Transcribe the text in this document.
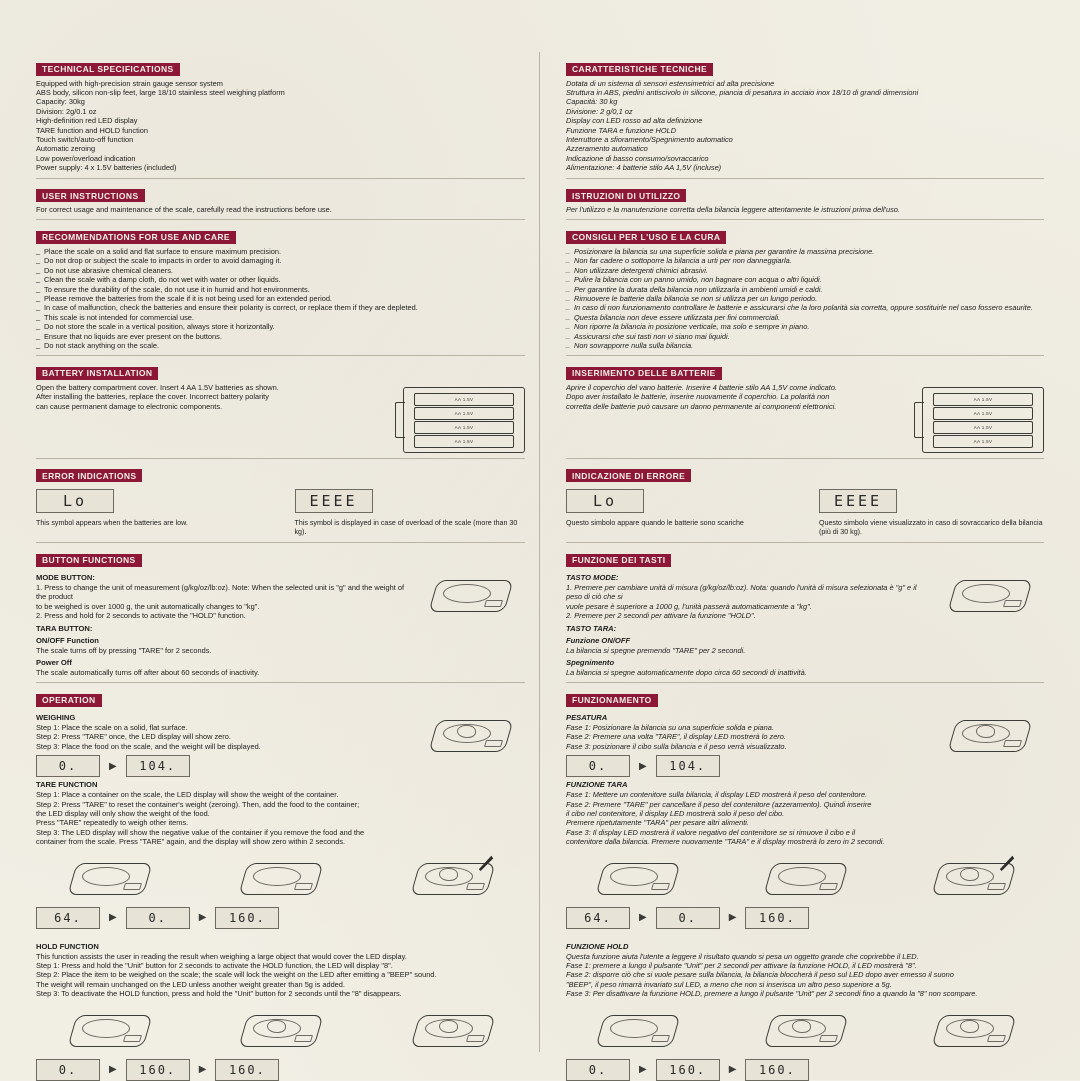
TECHNICAL SPECIFICATIONS
Equipped with high-precision strain gauge sensor system
ABS body, silicon non-slip feet, large 18/10 stainless steel weighing platform
Capacity: 30kg
Division: 2g/0.1 oz
High-definition red LED display
TARE function and HOLD function
Touch switch/auto-off function
Automatic zeroing
Low power/overload indication
Power supply: 4 x 1.5V batteries (included)
USER INSTRUCTIONS
For correct usage and maintenance of the scale, carefully read the instructions before use.
RECOMMENDATIONS FOR USE AND CARE
_ Place the scale on a solid and flat surface to ensure maximum precision.
_ Do not drop or subject the scale to impacts in order to avoid damaging it.
_ Do not use abrasive chemical cleaners.
_ Clean the scale with a damp cloth, do not wet with water or other liquids.
_ To ensure the durability of the scale, do not use it in humid and hot environments.
_ Please remove the batteries from the scale if it is not being used for an extended period.
_ In case of malfunction, check the batteries and ensure their polarity is correct, or replace them if they are depleted.
_ This scale is not intended for commercial use.
_ Do not store the scale in a vertical position, always store it horizontally.
_ Ensure that no liquids are ever present on the buttons.
_ Do not stack anything on the scale.
BATTERY INSTALLATION
Open the battery compartment cover. Insert 4 AA 1.5V batteries as shown.
After installing the batteries, replace the cover. Incorrect battery polarity
can cause permanent damage to electronic components.
AA 1.5V
AA 1.5V
AA 1.5V
AA 1.5V
ERROR INDICATIONS
Lo
This symbol appears when the batteries are low.
EEEE
This symbol is displayed in case of overload of the scale (more than 30 kg).
BUTTON FUNCTIONS
MODE BUTTON:
1. Press to change the unit of measurement (g/kg/oz/lb:oz). Note: When the selected unit is "g" and the weight of the product
to be weighed is over 1000 g, the unit automatically changes to "kg".
2. Press and hold for 2 seconds to activate the "HOLD" function.
TARA BUTTON:
ON/OFF Function
The scale turns off by pressing "TARE" for 2 seconds.
Power Off
The scale automatically turns off after about 60 seconds of inactivity.
OPERATION
WEIGHING
Step 1: Place the scale on a solid, flat surface.
Step 2: Press "TARE" once, the LED display will show zero.
Step 3: Place the food on the scale, and the weight will be displayed.
0.	▶	104.
TARE FUNCTION
Step 1: Place a container on the scale, the LED display will show the weight of the container.
Step 2: Press "TARE" to reset the container's weight (zeroing). Then, add the food to the container;
the LED display will only show the weight of the food.
Press "TARE" repeatedly to weigh other items.
Step 3: The LED display will show the negative value of the container if you remove the food and the
container from the scale. Press "TARE" again, and the display will show zero within 2 seconds.
64.	▶	0.	▶	160.
HOLD FUNCTION
This function assists the user in reading the result when weighing a large object that would cover the LED display.
Step 1: Press and hold the "Unit" button for 2 seconds to activate the HOLD function, the LED will display "8".
Step 2: Place the item to be weighed on the scale; the scale will lock the weight on the LED after emitting a "BEEP" sound.
The weight will remain unchanged on the LED unless another weight greater than 5g is added.
Step 3: To deactivate the HOLD function, press and hold the "Unit" button for 2 seconds until the "8" disappears.
0.	▶	160.	▶	160.
CARATTERISTICHE TECNICHE
Dotata di un sistema di sensori estensimetrici ad alta precisione
Struttura in ABS, piedini antiscivolo in silicone, piancia di pesatura in acciaio inox 18/10 di grandi dimensioni
Capacità: 30 kg
Divisione: 2 g/0,1 oz
Display con LED rosso ad alta definizione
Funzione TARA e funzione HOLD
Interruttore a sfioramento/Spegnimento automatico
Azzeramento automatico
Indicazione di basso consumo/sovraccarico
Alimentazione: 4 batterie stilo AA 1,5V (incluse)
ISTRUZIONI DI UTILIZZO
Per l'utilizzo e la manutenzione corretta della bilancia leggere attentamente le istruzioni prima dell'uso.
CONSIGLI PER L'USO E LA CURA
_ Posizionare la bilancia su una superficie solida e piana per garantire la massima precisione.
_ Non far cadere o sottoporre la bilancia a urti per non danneggiarla.
_ Non utilizzare detergenti chimici abrasivi.
_ Pulire la bilancia con un panno umido, non bagnare con acqua o altri liquidi.
_ Per garantire la durata della bilancia non utilizzarla in ambienti umidi e caldi.
_ Rimuovere le batterie dalla bilancia se non si utilizza per un lungo periodo.
_ In caso di non funzionamento controllare le batterie e assicurarsi che la loro polarità sia corretta, oppure sostituirle nel caso fossero esaurite.
_ Questa bilancia non deve essere utilizzata per fini commerciali.
_ Non riporre la bilancia in posizione verticale, ma solo e sempre in piano.
_ Assicurarsi che sui tasti non vi siano mai liquidi.
_ Non sovrapporre nulla sulla bilancia.
INSERIMENTO DELLE BATTERIE
Aprire il coperchio del vano batterie. Inserire 4 batterie stilo AA 1,5V come indicato.
Dopo aver installato le batterie, inserire nuovamente il coperchio. La polarità non
corretta delle batterie può causare un danno permanente ai componenti elettronici.
AA 1.5V
AA 1.5V
AA 1.5V
AA 1.5V
INDICAZIONE DI ERRORE
Lo
Questo simbolo appare quando le batterie sono scariche
EEEE
Questo simbolo viene visualizzato in caso di sovraccarico della bilancia (più di 30 kg).
FUNZIONE DEI TASTI
TASTO MODE:
1. Premere per cambiare unità di misura (g/kg/oz/lb:oz). Nota: quando l'unità di misura selezionata è "g" e il peso di ciò che si
vuole pesare è superiore a 1000 g, l'unità passerà automaticamente a "kg".
2. Premere per 2 secondi per attivare la funzione "HOLD".
TASTO TARA:
Funzione ON/OFF
La bilancia si spegne premendo "TARE" per 2 secondi.
Spegnimento
La bilancia si spegne automaticamente dopo circa 60 secondi di inattività.
FUNZIONAMENTO
PESATURA
Fase 1: Posizionare la bilancia su una superficie solida e piana.
Fase 2: Premere una volta "TARE", il display LED mostrerà lo zero.
Fase 3: posizionare il cibo sulla bilancia e il peso verrà visualizzato.
0.	▶	104.
FUNZIONE TARA
Fase 1: Mettere un contenitore sulla bilancia, il display LED mostrerà il peso del contenitore.
Fase 2: Premere "TARE" per cancellare il peso del contenitore (azzeramento). Quindi inserire
il cibo nel contenitore, il display LED mostrerà solo il peso del cibo.
Premere ripetutamente "TARA" per pesare altri alimenti.
Fase 3: Il display LED mostrerà il valore negativo del contenitore se si rimuove il cibo e il
contenitore dalla bilancia. Premere nuovamente "TARA" e il display mostrerà lo zero in 2 secondi.
64.	▶	0.	▶	160.
FUNZIONE HOLD
Questa funzione aiuta l'utente a leggere il risultato quando si pesa un oggetto grande che coprirebbe il LED.
Fase 1: premere a lungo il pulsante "Unit" per 2 secondi per attivare la funzione HOLD, il LED mostrerà "8".
Fase 2: disporre ciò che si vuole pesare sulla bilancia, la bilancia bloccherà il peso sul LED dopo aver emesso il suono
"BEEP", il peso rimarrà invariato sul LED, a meno che non si inserisca un altro peso superiore a 5g.
Fase 3: Per disattivare la funzione HOLD, premere a lungo il pulsante "Unit" per 2 secondi fino a quando la "8" non scompare.
0.	▶	160.	▶	160.
